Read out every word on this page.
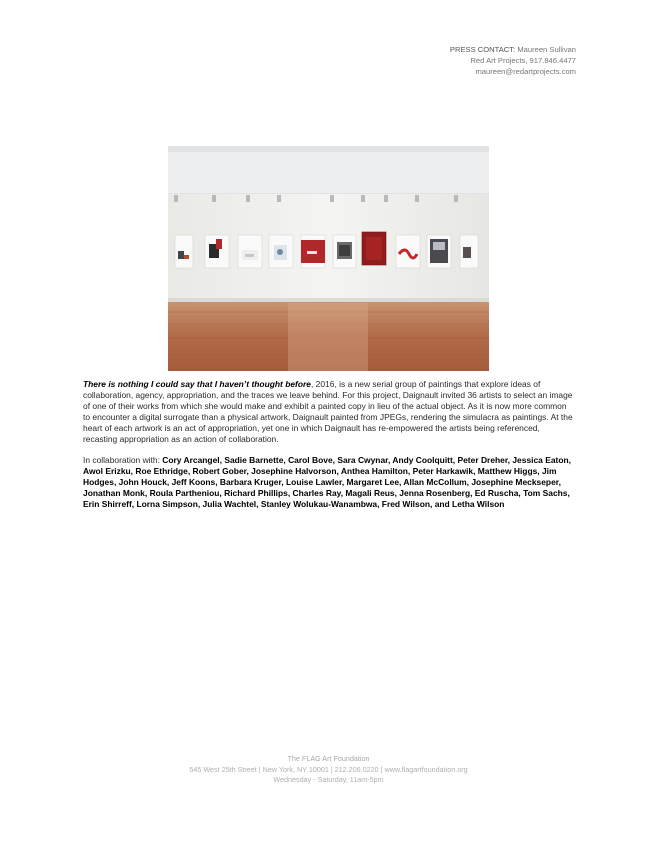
PRESS CONTACT: Maureen Sullivan
Red Art Projects, 917.846.4477
maureen@redartprojects.com

There is nothing I could say that I haven’t thought before, 2016, is a new serial group of paintings that explore ideas of collaboration, agency, appropriation, and the traces we leave behind. For this project, Daignault invited 36 artists to select an image of one of their works from which she would make and exhibit a painted copy in lieu of the actual object. As it is now more common to encounter a digital surrogate than a physical artwork, Daignault painted from JPEGs, rendering the simulacra as paintings. At the heart of each artwork is an act of appropriation, yet one in which Daignault has re-empowered the artists being referenced, recasting appropriation as an action of collaboration.

In collaboration with: Cory Arcangel, Sadie Barnette, Carol Bove, Sara Cwynar, Andy Coolquitt, Peter Dreher, Jessica Eaton, Awol Erizku, Roe Ethridge, Robert Gober, Josephine Halvorson, Anthea Hamilton, Peter Harkawik, Matthew Higgs, Jim Hodges, John Houck, Jeff Koons, Barbara Kruger, Louise Lawler, Margaret Lee, Allan McCollum, Josephine Meckseper, Jonathan Monk, Roula Partheniou, Richard Phillips, Charles Ray, Magali Reus, Jenna Rosenberg, Ed Ruscha, Tom Sachs, Erin Shirreff, Lorna Simpson, Julia Wachtel, Stanley Wolukau-Wanambwa, Fred Wilson, and Letha Wilson

The FLAG Art Foundation
545 West 25th Street | New York, NY 10001 | 212.206.0220 | www.flagartfoundation.org
Wednesday - Saturday, 11am-5pm
